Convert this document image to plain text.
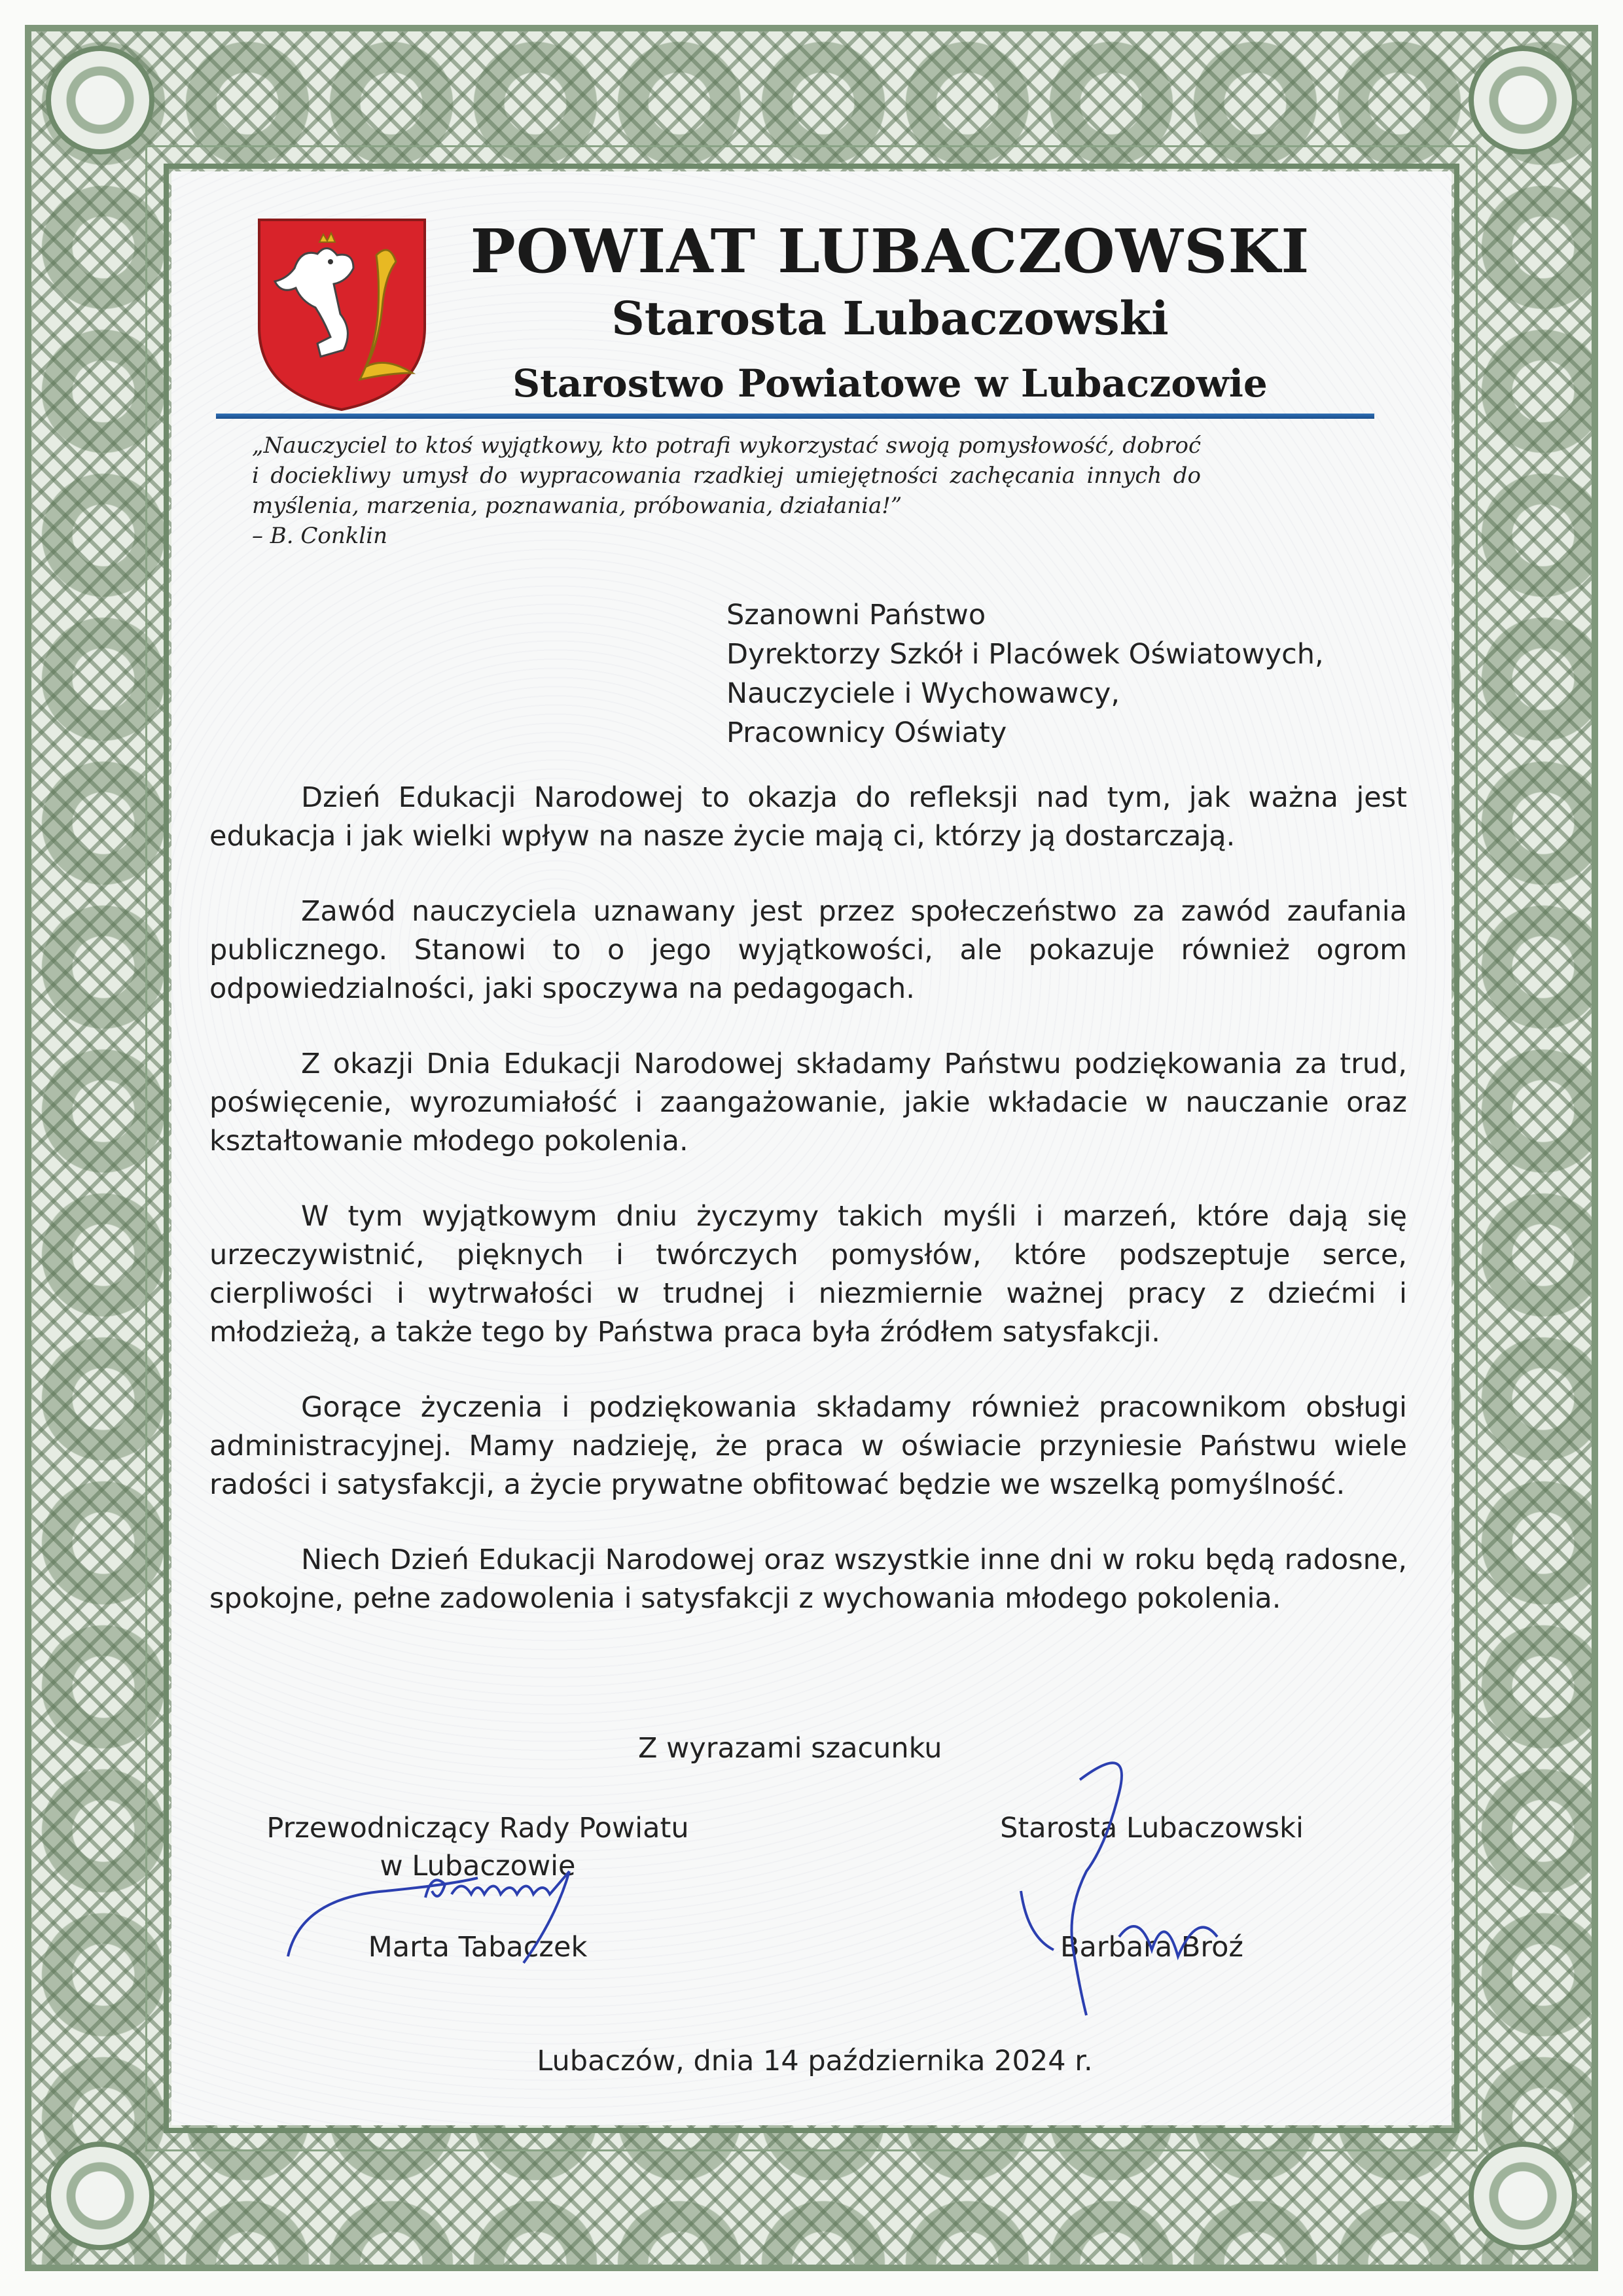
POWIAT LUBACZOWSKI
Starosta Lubaczowski
Starostwo Powiatowe w Lubaczowie
„Nauczyciel to ktoś wyjątkowy, kto potrafi wykorzystać swoją pomysłowość, dobroć i dociekliwy umysł do wypracowania rzadkiej umiejętności zachęcania innych do myślenia, marzenia, poznawania, próbowania, działania!”
– B. Conklin
Szanowni Państwo
Dyrektorzy Szkół i Placówek Oświatowych,
Nauczyciele i Wychowawcy,
Pracownicy Oświaty

Dzień Edukacji Narodowej to okazja do refleksji nad tym, jak ważna jest edukacja i jak wielki wpływ na nasze życie mają ci, którzy ją dostarczają.

Zawód nauczyciela uznawany jest przez społeczeństwo za zawód zaufania publicznego. Stanowi to o jego wyjątkowości, ale pokazuje również ogrom odpowiedzialności, jaki spoczywa na pedagogach.

Z okazji Dnia Edukacji Narodowej składamy Państwu podziękowania za trud, poświęcenie, wyrozumiałość i zaangażowanie, jakie wkładacie w nauczanie oraz kształtowanie młodego pokolenia.

W tym wyjątkowym dniu życzymy takich myśli i marzeń, które dają się urzeczywistnić, pięknych i twórczych pomysłów, które podszeptuje serce, cierpliwości i wytrwałości w trudnej i niezmiernie ważnej pracy z dziećmi i młodzieżą, a także tego by Państwa praca była źródłem satysfakcji.

Gorące życzenia i podziękowania składamy również pracownikom obsługi administracyjnej. Mamy nadzieję, że praca w oświacie przyniesie Państwu wiele radości i satysfakcji, a życie prywatne obfitować będzie we wszelką pomyślność.

Niech Dzień Edukacji Narodowej oraz wszystkie inne dni w roku będą radosne, spokojne, pełne zadowolenia i satysfakcji z wychowania młodego pokolenia.

Z wyrazami szacunku
Przewodniczący Rady Powiatu
w Lubaczowie
Marta Tabaczek
Starosta Lubaczowski
Barbara Broź
Lubaczów, dnia 14 października 2024 r.
